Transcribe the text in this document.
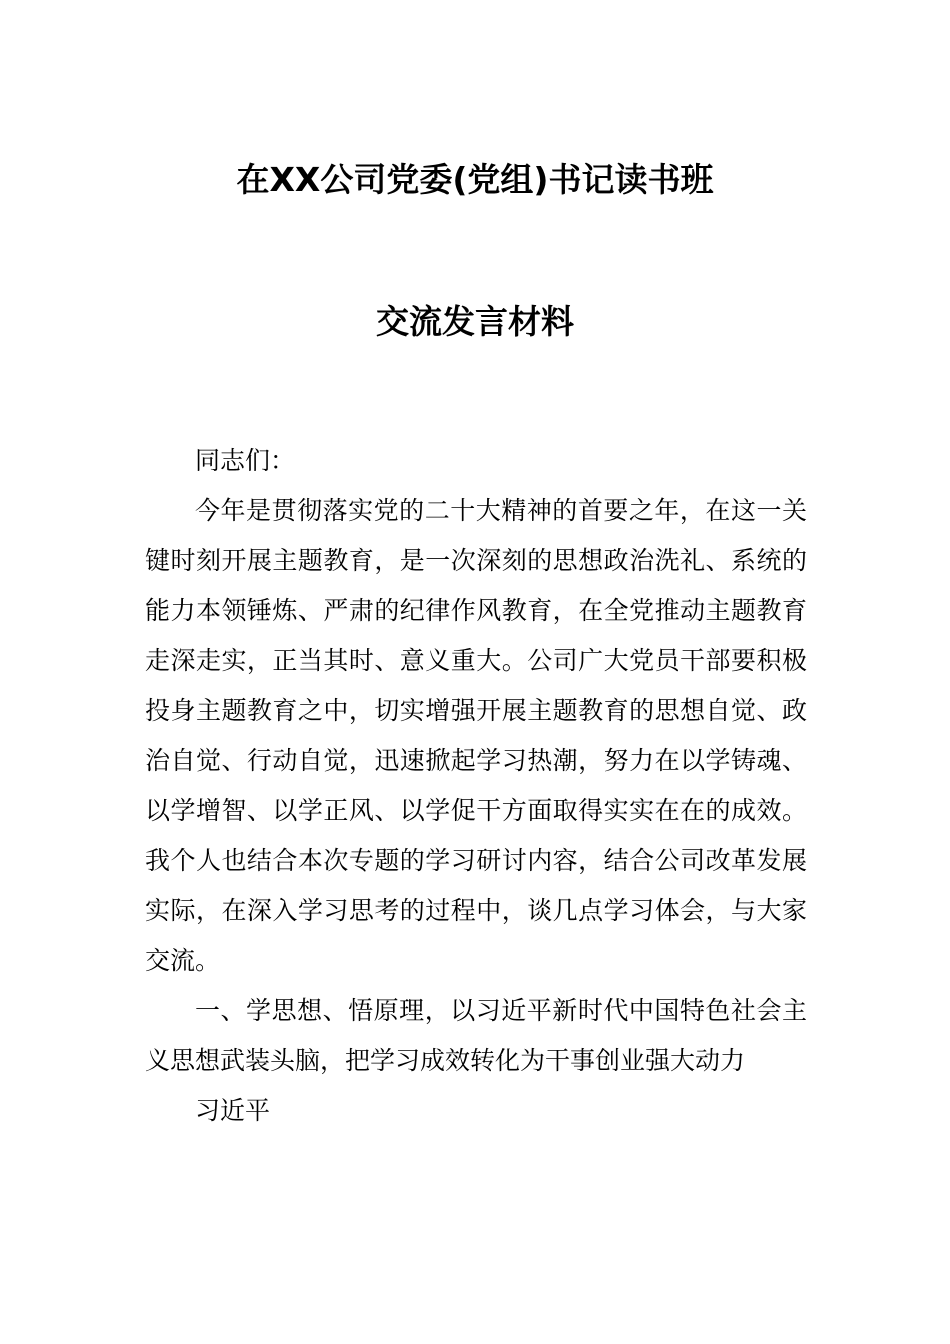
在XX公司党委(党组)书记读书班
交流发言材料

同志们：

今年是贯彻落实党的二十大精神的首要之年，在这一关键时刻开展主题教育，是一次深刻的思想政治洗礼、系统的能力本领锤炼、严肃的纪律作风教育，在全党推动主题教育走深走实，正当其时、意义重大。公司广大党员干部要积极投身主题教育之中，切实增强开展主题教育的思想自觉、政治自觉、行动自觉，迅速掀起学习热潮，努力在以学铸魂、以学增智、以学正风、以学促干方面取得实实在在的成效。我个人也结合本次专题的学习研讨内容，结合公司改革发展实际，在深入学习思考的过程中，谈几点学习体会，与大家交流。

一、学思想、悟原理，以习近平新时代中国特色社会主义思想武装头脑，把学习成效转化为干事创业强大动力

习近平
